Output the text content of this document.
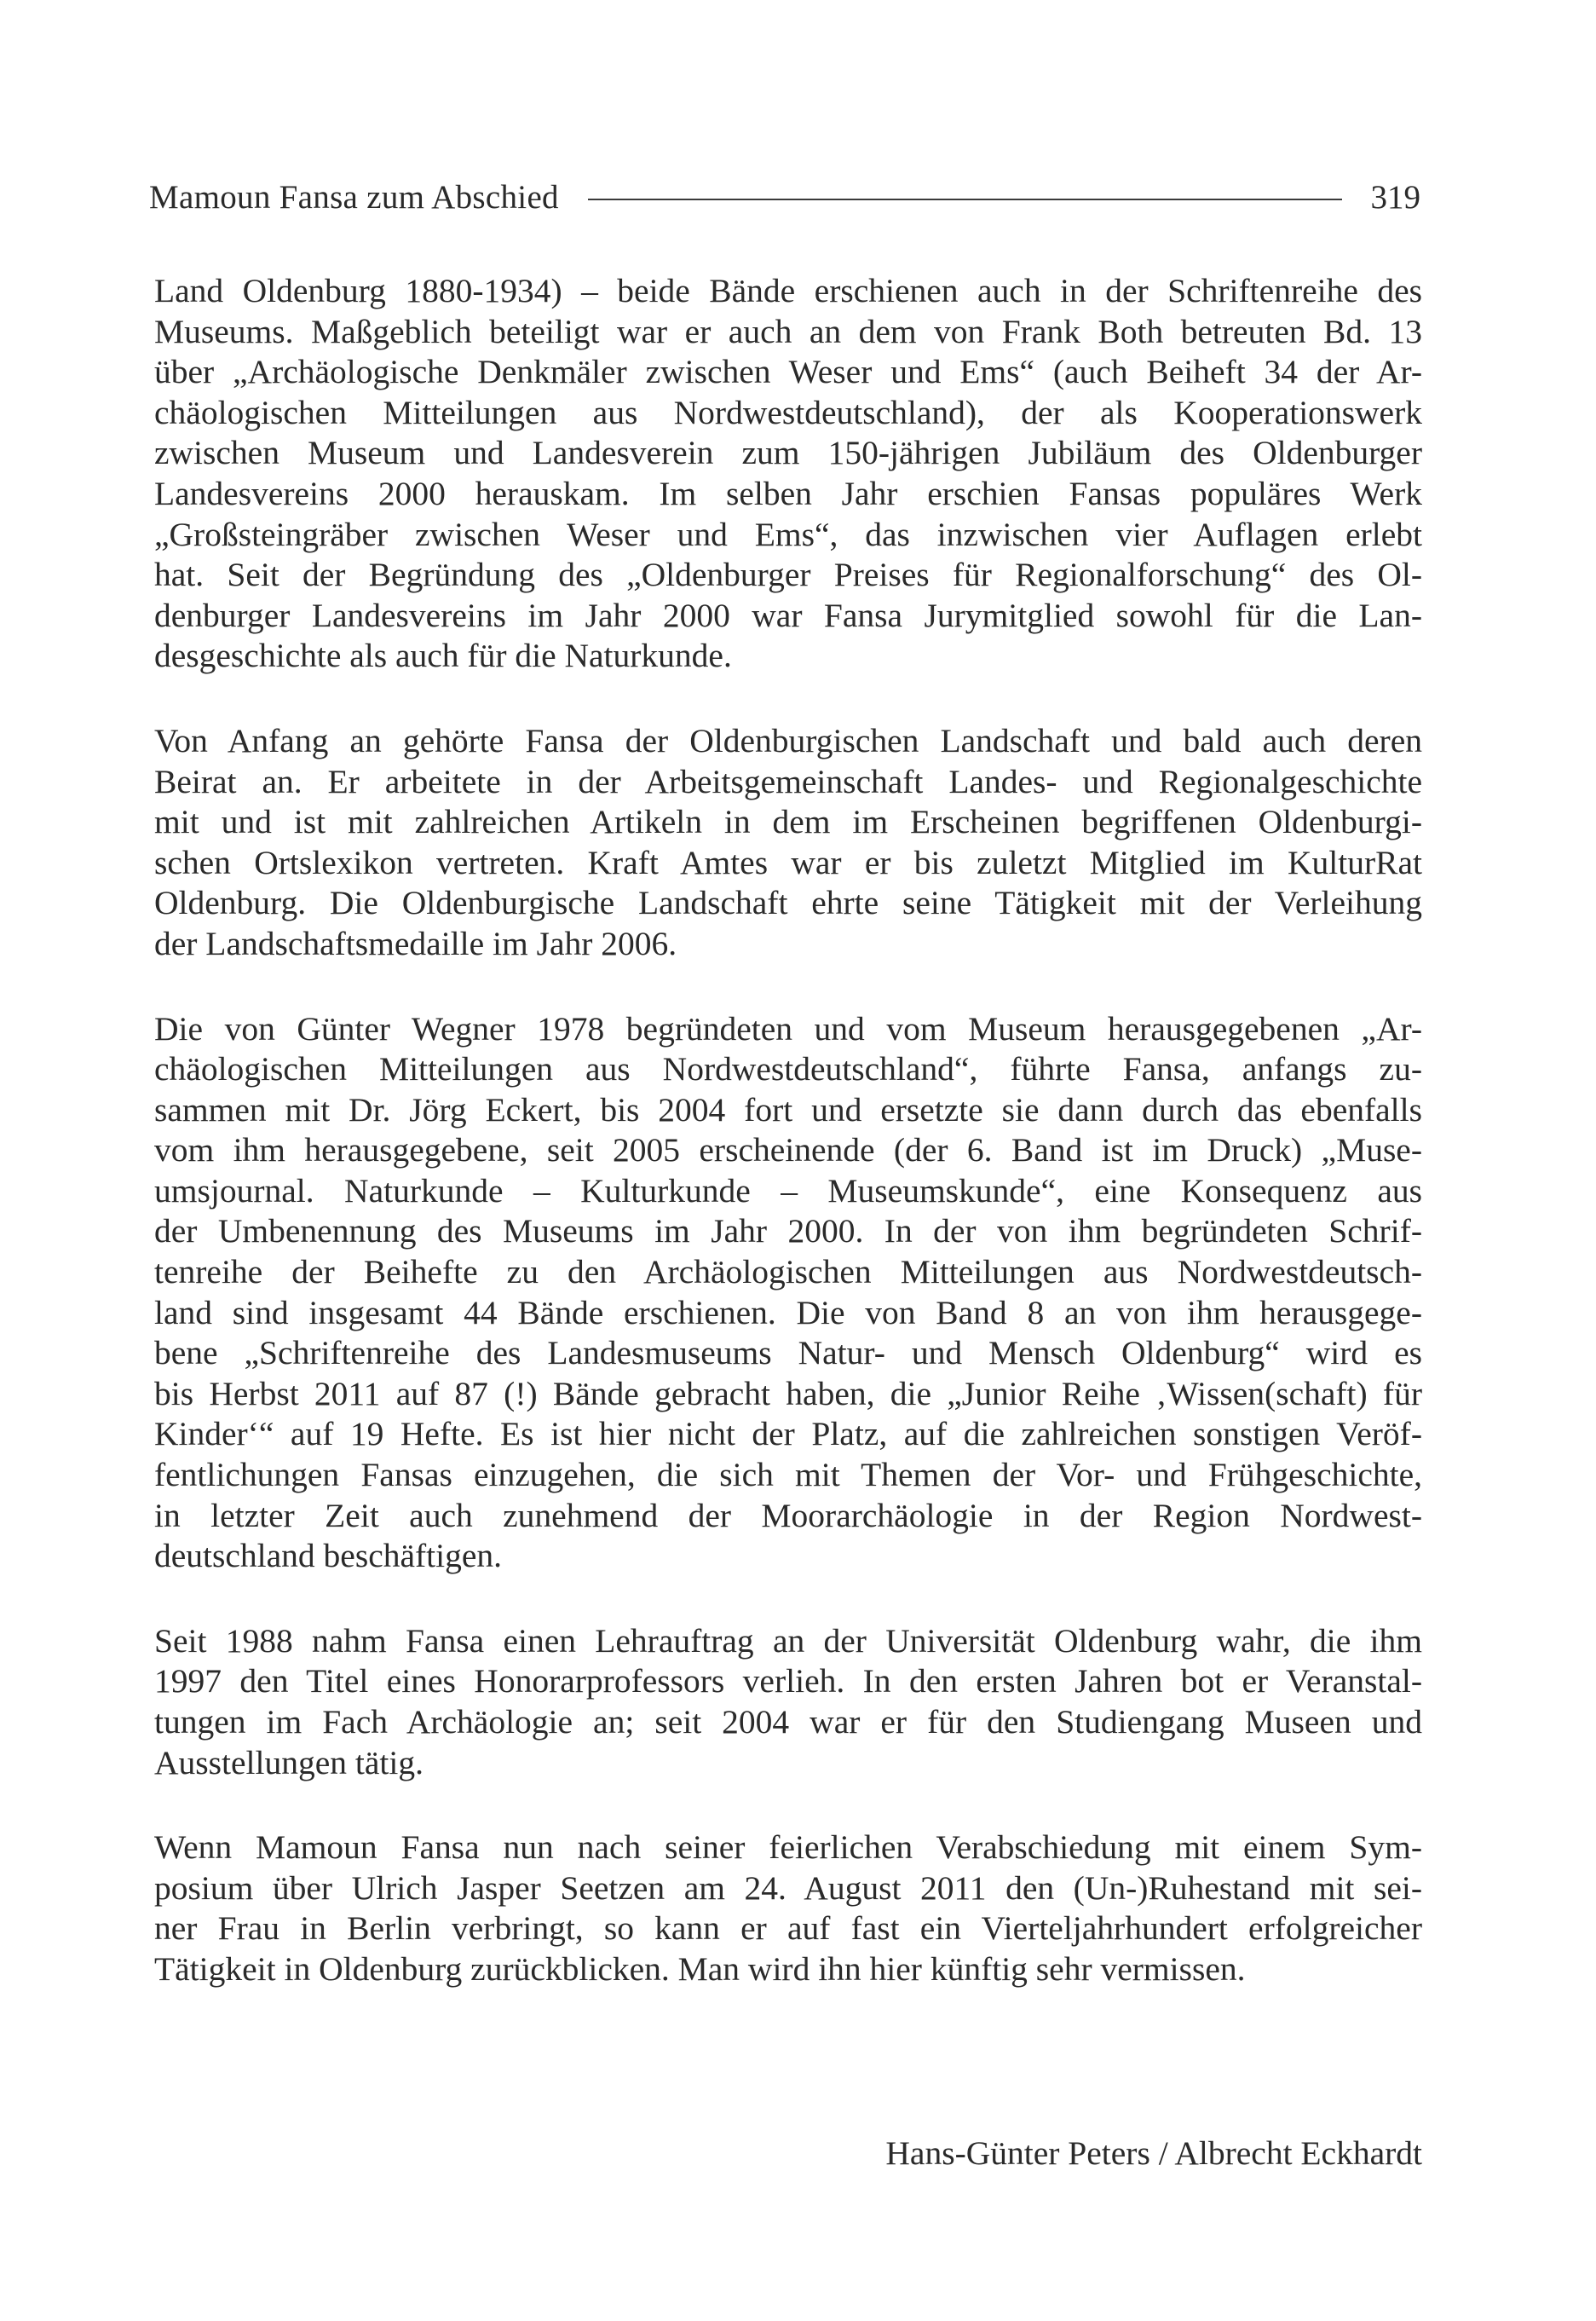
Mamoun Fansa zum Abschied	319

Land Oldenburg 1880-1934) – beide Bände erschienen auch in der Schriftenreihe des
Museums. Maßgeblich beteiligt war er auch an dem von Frank Both betreuten Bd. 13
über „Archäologische Denkmäler zwischen Weser und Ems“ (auch Beiheft 34 der Ar-
chäologischen Mitteilungen aus Nordwestdeutschland), der als Kooperationswerk
zwischen Museum und Landesverein zum 150-jährigen Jubiläum des Oldenburger
Landesvereins 2000 herauskam. Im selben Jahr erschien Fansas populäres Werk
„Großsteingräber zwischen Weser und Ems“, das inzwischen vier Auflagen erlebt
hat. Seit der Begründung des „Oldenburger Preises für Regionalforschung“ des Ol-
denburger Landesvereins im Jahr 2000 war Fansa Jurymitglied sowohl für die Lan-
desgeschichte als auch für die Naturkunde.

Von Anfang an gehörte Fansa der Oldenburgischen Landschaft und bald auch deren
Beirat an. Er arbeitete in der Arbeitsgemeinschaft Landes- und Regionalgeschichte
mit und ist mit zahlreichen Artikeln in dem im Erscheinen begriffenen Oldenburgi-
schen Ortslexikon vertreten. Kraft Amtes war er bis zuletzt Mitglied im KulturRat
Oldenburg. Die Oldenburgische Landschaft ehrte seine Tätigkeit mit der Verleihung
der Landschaftsmedaille im Jahr 2006.

Die von Günter Wegner 1978 begründeten und vom Museum herausgegebenen „Ar-
chäologischen Mitteilungen aus Nordwestdeutschland“, führte Fansa, anfangs zu-
sammen mit Dr. Jörg Eckert, bis 2004 fort und ersetzte sie dann durch das ebenfalls
vom ihm herausgegebene, seit 2005 erscheinende (der 6. Band ist im Druck) „Muse-
umsjournal. Naturkunde – Kulturkunde – Museumskunde“, eine Konsequenz aus
der Umbenennung des Museums im Jahr 2000. In der von ihm begründeten Schrif-
tenreihe der Beihefte zu den Archäologischen Mitteilungen aus Nordwestdeutsch-
land sind insgesamt 44 Bände erschienen. Die von Band 8 an von ihm herausgege-
bene „Schriftenreihe des Landesmuseums Natur- und Mensch Oldenburg“ wird es
bis Herbst 2011 auf 87 (!) Bände gebracht haben, die „Junior Reihe ‚Wissen(schaft) für
Kinder‘“ auf 19 Hefte. Es ist hier nicht der Platz, auf die zahlreichen sonstigen Veröf-
fentlichungen Fansas einzugehen, die sich mit Themen der Vor- und Frühgeschichte,
in letzter Zeit auch zunehmend der Moorarchäologie in der Region Nordwest-
deutschland beschäftigen.

Seit 1988 nahm Fansa einen Lehrauftrag an der Universität Oldenburg wahr, die ihm
1997 den Titel eines Honorarprofessors verlieh. In den ersten Jahren bot er Veranstal-
tungen im Fach Archäologie an; seit 2004 war er für den Studiengang Museen und
Ausstellungen tätig.

Wenn Mamoun Fansa nun nach seiner feierlichen Verabschiedung mit einem Sym-
posium über Ulrich Jasper Seetzen am 24. August 2011 den (Un-)Ruhestand mit sei-
ner Frau in Berlin verbringt, so kann er auf fast ein Vierteljahrhundert erfolgreicher
Tätigkeit in Oldenburg zurückblicken. Man wird ihn hier künftig sehr vermissen.

Hans-Günter Peters / Albrecht Eckhardt
